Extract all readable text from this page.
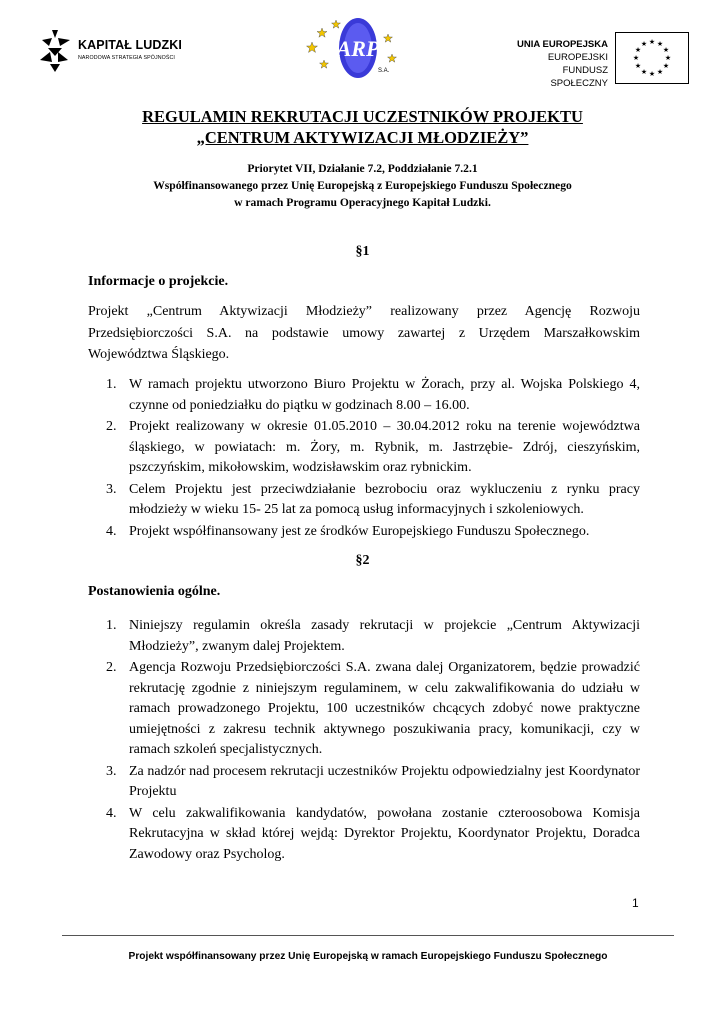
KAPITAŁ LUDZKI
NARODOWA STRATEGIA SPÓJNOŚCI	ARP
S.A.
UNIA EUROPEJSKA
EUROPEJSKI
FUNDUSZ SPOŁECZNY
★ ★
★
★
★
★
★
★
★
★
★
★
REGULAMIN REKRUTACJI UCZESTNIKÓW PROJEKTU
„CENTRUM AKTYWIZACJI MŁODZIEŻY”
Priorytet VII, Działanie 7.2, Poddziałanie 7.2.1
Współfinansowanego przez Unię Europejską z Europejskiego Funduszu Społecznego
w ramach Programu Operacyjnego Kapitał Ludzki.
§1
Informacje o projekcie.
Projekt „Centrum Aktywizacji Młodzieży” realizowany przez Agencję Rozwoju Przedsiębiorczości S.A. na podstawie umowy zawartej z Urzędem Marszałkowskim Województwa Śląskiego.
1. W ramach projektu utworzono Biuro Projektu w Żorach, przy al. Wojska Polskiego 4, czynne od poniedziałku do piątku w godzinach 8.00 – 16.00.
2. Projekt realizowany w okresie 01.05.2010 – 30.04.2012 roku na terenie województwa śląskiego, w powiatach: m. Żory, m. Rybnik, m. Jastrzębie- Zdrój, cieszyńskim, pszczyńskim, mikołowskim, wodzisławskim oraz rybnickim.
3. Celem Projektu jest przeciwdziałanie bezrobociu oraz wykluczeniu z rynku pracy młodzieży w wieku 15- 25 lat za pomocą usług informacyjnych i szkoleniowych.
4. Projekt współfinansowany jest ze środków Europejskiego Funduszu Społecznego.
§2
Postanowienia ogólne.
1. Niniejszy regulamin określa zasady rekrutacji w projekcie „Centrum Aktywizacji Młodzieży”, zwanym dalej Projektem.
2. Agencja Rozwoju Przedsiębiorczości S.A. zwana dalej Organizatorem, będzie prowadzić rekrutację zgodnie z niniejszym regulaminem, w celu zakwalifikowania do udziału w ramach prowadzonego Projektu, 100 uczestników chcących zdobyć nowe praktyczne umiejętności z zakresu technik aktywnego poszukiwania pracy, komunikacji, czy w ramach szkoleń specjalistycznych.
3. Za nadzór nad procesem rekrutacji uczestników Projektu odpowiedzialny jest Koordynator Projektu
4. W celu zakwalifikowania kandydatów, powołana zostanie czteroosobowa Komisja Rekrutacyjna w skład której wejdą: Dyrektor Projektu, Koordynator Projektu, Doradca Zawodowy oraz Psycholog.
1
Projekt współfinansowany przez Unię Europejską w ramach Europejskiego Funduszu Społecznego
